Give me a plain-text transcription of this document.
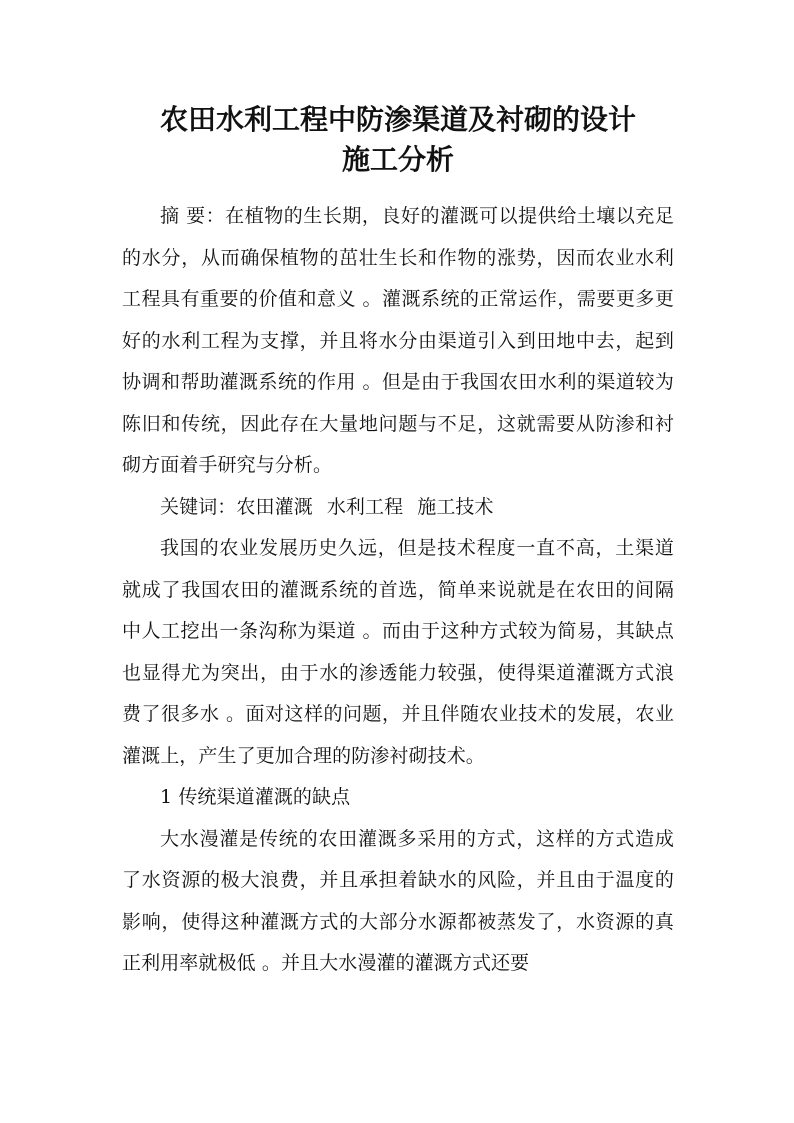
农田水利工程中防渗渠道及衬砌的设计
施工分析

摘 要：在植物的生长期，良好的灌溉可以提供给土壤以充足的水分，从而确保植物的茁壮生长和作物的涨势，因而农业水利工程具有重要的价值和意义 。灌溉系统的正常运作，需要更多更好的水利工程为支撑，并且将水分由渠道引入到田地中去，起到协调和帮助灌溉系统的作用 。但是由于我国农田水利的渠道较为陈旧和传统，因此存在大量地问题与不足，这就需要从防渗和衬砌方面着手研究与分析。

关键词：农田灌溉 水利工程 施工技术

我国的农业发展历史久远，但是技术程度一直不高，土渠道就成了我国农田的灌溉系统的首选，简单来说就是在农田的间隔中人工挖出一条沟称为渠道 。而由于这种方式较为简易，其缺点也显得尤为突出，由于水的渗透能力较强，使得渠道灌溉方式浪费了很多水 。面对这样的问题，并且伴随农业技术的发展，农业灌溉上，产生了更加合理的防渗衬砌技术。

1 传统渠道灌溉的缺点

大水漫灌是传统的农田灌溉多采用的方式，这样的方式造成了水资源的极大浪费，并且承担着缺水的风险，并且由于温度的影响，使得这种灌溉方式的大部分水源都被蒸发了，水资源的真正利用率就极低 。并且大水漫灌的灌溉方式还要
